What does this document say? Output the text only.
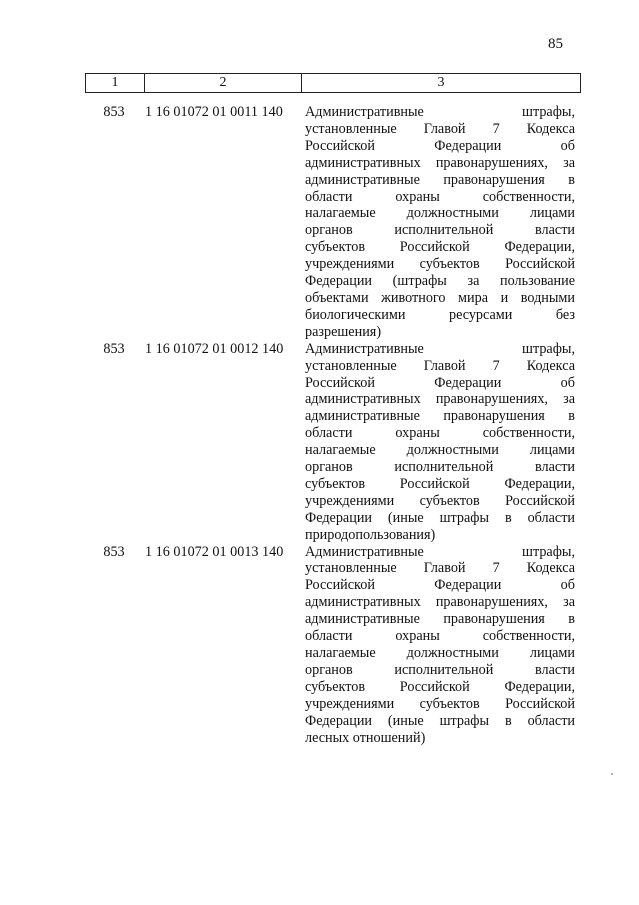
85
1	2	3
853	1 16 01072 01 0011 140	Административные штрафы,
установленные Главой 7 Кодекса
Российской Федерации об
административных правонарушениях, за
административные правонарушения в
области охраны собственности,
налагаемые должностными лицами
органов исполнительной власти
субъектов Российской Федерации,
учреждениями субъектов Российской
Федерации (штрафы за пользование
объектами животного мира и водными
биологическими ресурсами без
разрешения)
853	1 16 01072 01 0012 140	Административные штрафы,
установленные Главой 7 Кодекса
Российской Федерации об
административных правонарушениях, за
административные правонарушения в
области охраны собственности,
налагаемые должностными лицами
органов исполнительной власти
субъектов Российской Федерации,
учреждениями субъектов Российской
Федерации (иные штрафы в области
природопользования)
853	1 16 01072 01 0013 140	Административные штрафы,
установленные Главой 7 Кодекса
Российской Федерации об
административных правонарушениях, за
административные правонарушения в
области охраны собственности,
налагаемые должностными лицами
органов исполнительной власти
субъектов Российской Федерации,
учреждениями субъектов Российской
Федерации (иные штрафы в области
лесных отношений)
